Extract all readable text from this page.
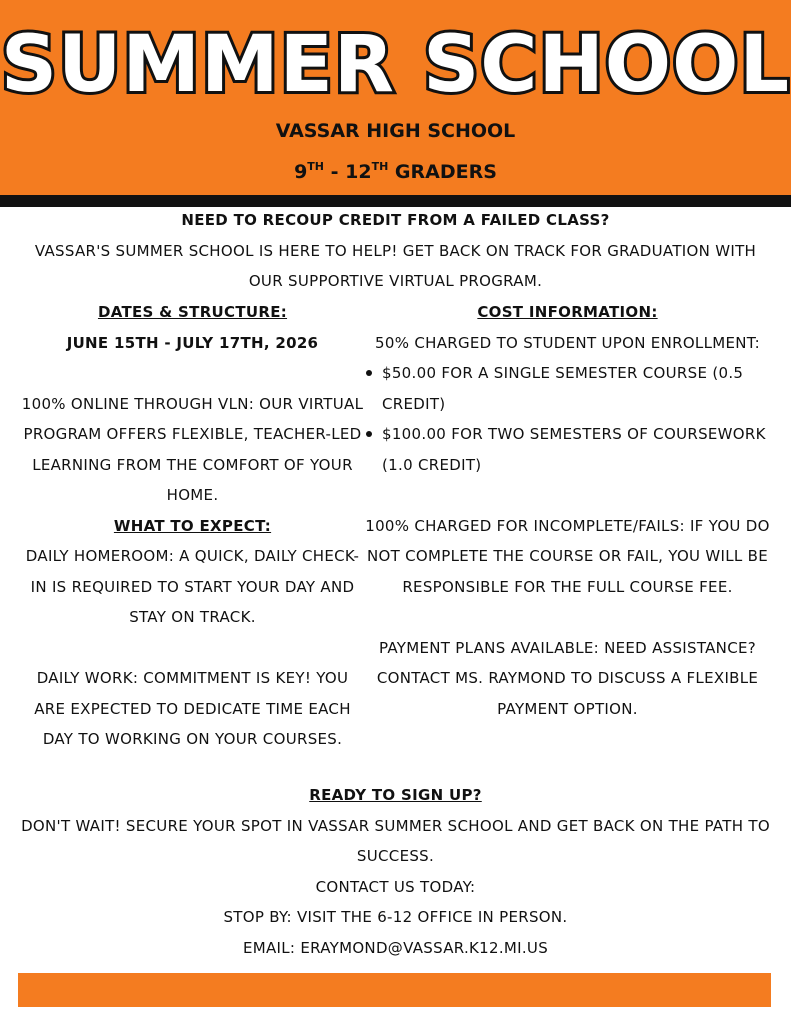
SUMMER SCHOOL
VASSAR HIGH SCHOOL
9TH - 12TH GRADERS
NEED TO RECOUP CREDIT FROM A FAILED CLASS?
VASSAR'S SUMMER SCHOOL IS HERE TO HELP! GET BACK ON TRACK FOR GRADUATION WITH OUR SUPPORTIVE VIRTUAL PROGRAM.
DATES & STRUCTURE:
JUNE 15TH - JULY 17TH, 2026
100% ONLINE THROUGH VLN: OUR VIRTUAL PROGRAM OFFERS FLEXIBLE, TEACHER-LED LEARNING FROM THE COMFORT OF YOUR HOME.
WHAT TO EXPECT:
DAILY HOMEROOM: A QUICK, DAILY CHECK-IN IS REQUIRED TO START YOUR DAY AND STAY ON TRACK.
DAILY WORK: COMMITMENT IS KEY! YOU ARE EXPECTED TO DEDICATE TIME EACH DAY TO WORKING ON YOUR COURSES.
COST INFORMATION:
50% CHARGED TO STUDENT UPON ENROLLMENT:
$50.00 FOR A SINGLE SEMESTER COURSE (0.5 CREDIT)
$100.00 FOR TWO SEMESTERS OF COURSEWORK (1.0 CREDIT)
100% CHARGED FOR INCOMPLETE/FAILS: IF YOU DO NOT COMPLETE THE COURSE OR FAIL, YOU WILL BE RESPONSIBLE FOR THE FULL COURSE FEE.
PAYMENT PLANS AVAILABLE: NEED ASSISTANCE? CONTACT MS. RAYMOND TO DISCUSS A FLEXIBLE PAYMENT OPTION.
READY TO SIGN UP?
DON'T WAIT! SECURE YOUR SPOT IN VASSAR SUMMER SCHOOL AND GET BACK ON THE PATH TO SUCCESS.
CONTACT US TODAY:
STOP BY: VISIT THE 6-12 OFFICE IN PERSON.
EMAIL: ERAYMOND@VASSAR.K12.MI.US
